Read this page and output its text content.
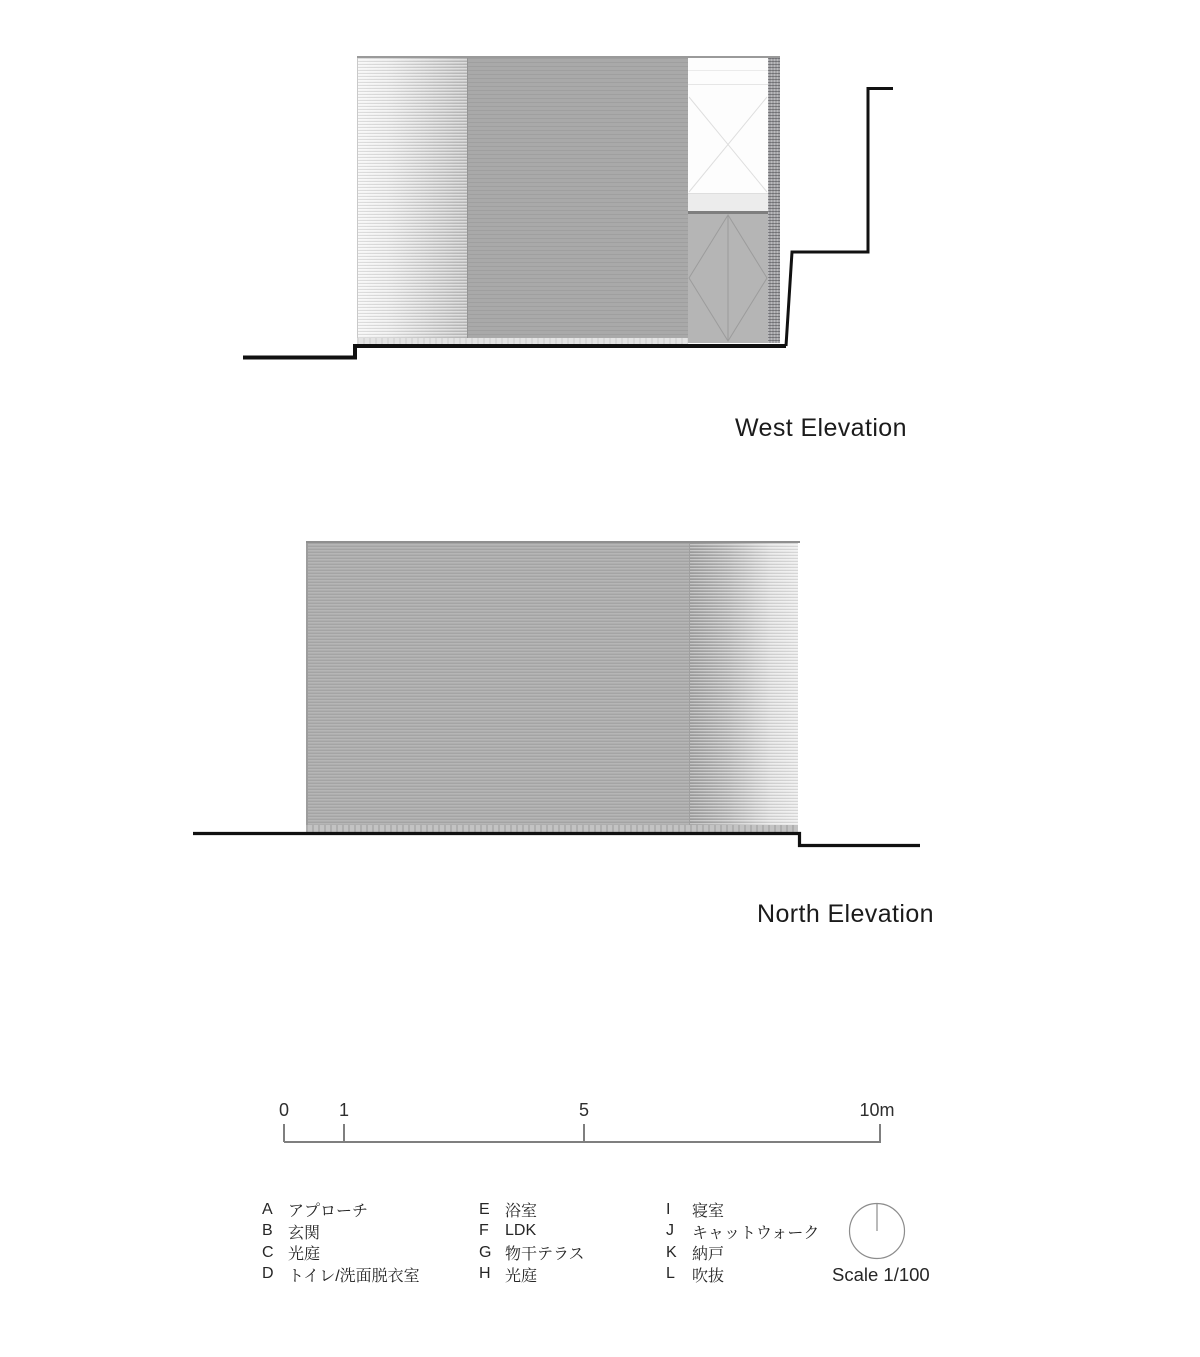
West Elevation
North Elevation
0	1	5	10m
A アプローチ
B 玄関
C 光庭
D トイレ/洗面脱衣室
E 浴室
F	LDK
G 物干テラス
H 光庭
I	寝室
J	キャットウォーク
K 納戸
L	吹抜	Scale 1/100
